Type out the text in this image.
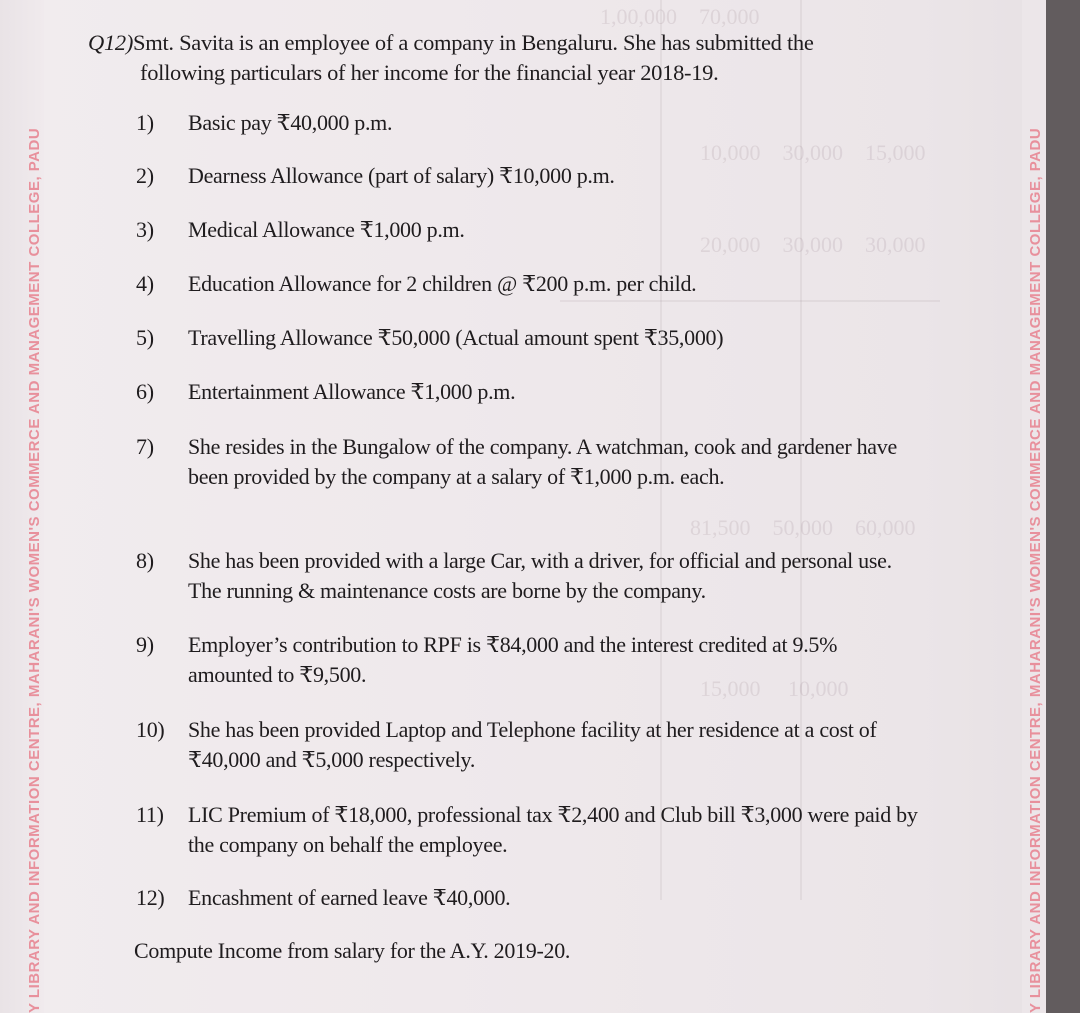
1,00,000    70,000
10,000    30,000    15,000
20,000    30,000    30,000
81,500    50,000    60,000
15,000     10,000
Y LIBRARY AND INFORMATION CENTRE, MAHARANI'S WOMEN'S COMMERCE AND MANAGEMENT COLLEGE, PADU	Y LIBRARY AND INFORMATION CENTRE, MAHARANI'S WOMEN'S COMMERCE AND MANAGEMENT COLLEGE, PADU
Q12)Smt. Savita is an employee of a company in Bengaluru. She has submitted the
following particulars of her income for the financial year 2018-19.
1)	Basic pay ₹40,000 p.m.
2)	Dearness Allowance (part of salary) ₹10,000 p.m.
3)	Medical Allowance ₹1,000 p.m.
4)	Education Allowance for 2 children @ ₹200 p.m. per child.
5)	Travelling Allowance ₹50,000 (Actual amount spent ₹35,000)
6)	Entertainment Allowance ₹1,000 p.m.
7)	She resides in the Bungalow of the company. A watchman, cook and gardener have been provided by the company at a salary of ₹1,000 p.m. each.
8)	She has been provided with a large Car, with a driver, for official and personal use. The running & maintenance costs are borne by the company.
9)	Employer’s contribution to RPF is ₹84,000 and the interest credited at 9.5% amounted to ₹9,500.
10)	She has been provided Laptop and Telephone facility at her residence at a cost of ₹40,000 and ₹5,000 respectively.
11)	LIC Premium of ₹18,000, professional tax ₹2,400 and Club bill ₹3,000 were paid by the company on behalf the employee.
12)	Encashment of earned leave ₹40,000.
Compute Income from salary for the A.Y. 2019-20.
